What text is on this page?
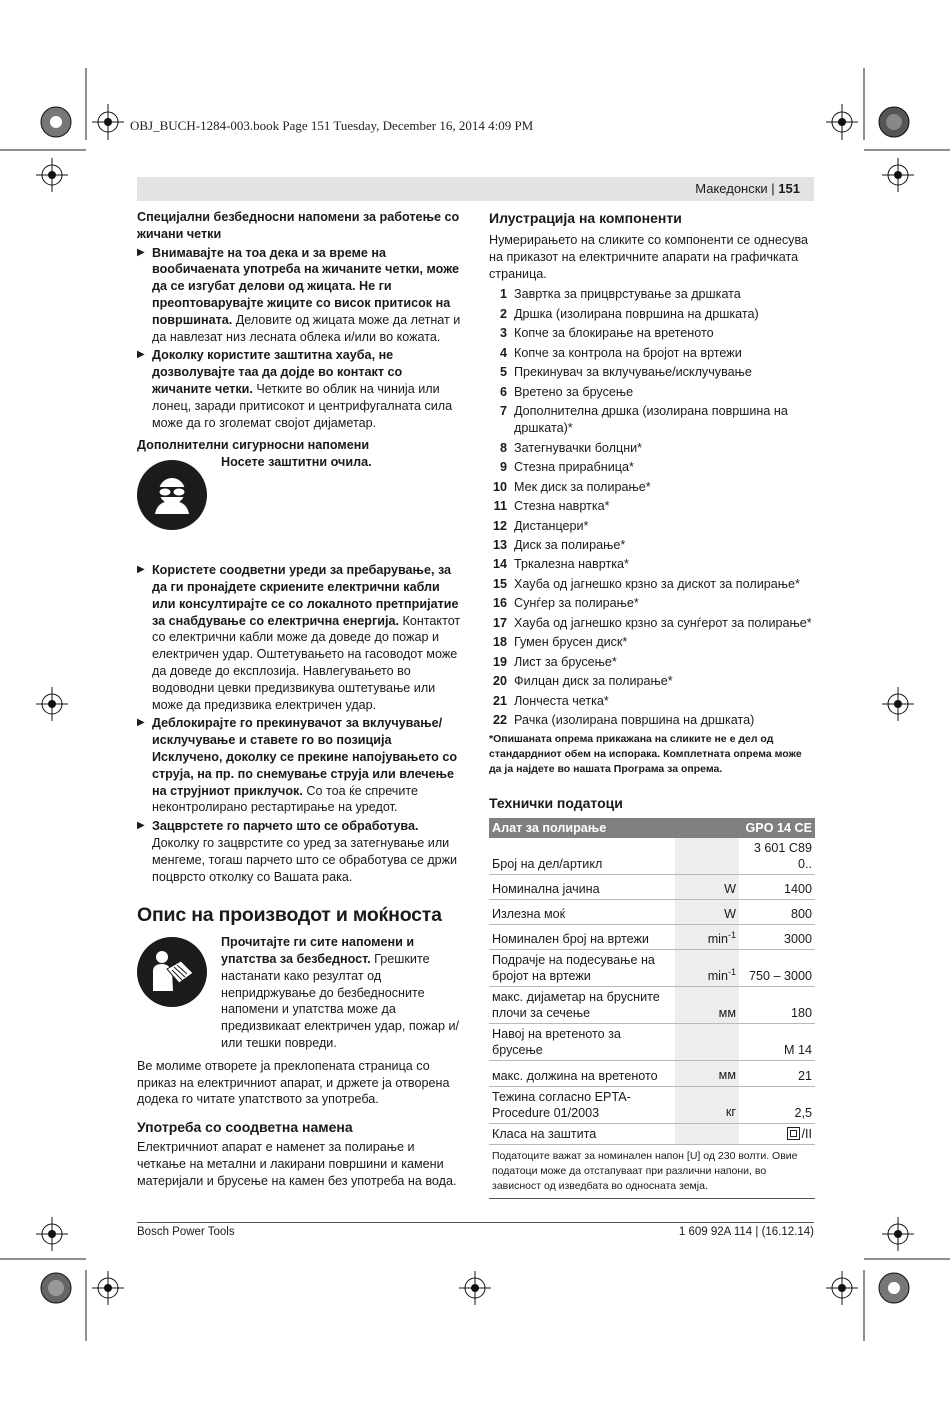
OBJ_BUCH-1284-003.book Page 151 Tuesday, December 16, 2014 4:09 PM
Македонски | 151

Специјални безбедносни напомени за работење со жичани четки

▶ Внимавајте на тоа дека и за време на вообичаената употреба на жичаните четки, може да се изгубат делови од жицата. Не ги преоптоварувајте жиците со висок притисок на површината. Деловите од жицата може да летнат и да навлезат низ лесната облека и/или во кожата.
▶ Доколку користите заштитна хауба, не дозволувајте таа да дојде во контакт со жичаните четки. Четките во облик на чинија или лонец, заради притисокот и центрифугалната сила може да го зголемат својот дијаметар.

Дополнителни сигурносни напомени

Носете заштитни очила.
▶ Користете соодветни уреди за пребарување, за да ги пронајдете скриените електрични кабли или консултирајте се со локалното претпријатие за снабдување со електрична енергија. Контактот со електрични кабли може да доведе до пожар и електричен удар. Оштетувањето на гасоводот може да доведе до експлозија. Навлегувањето во водоводни цевки предизвикува оштетување или може да предизвика електричен удар.
▶ Деблокирајте го прекинувачот за вклучување/исклучување и ставете го во позиција Исклучено, доколку се прекине напојувањето со струја, на пр. по снемување струја или влечење на струјниот приклучок. Со тоа ќе спречите неконтролирано рестартирање на уредот.
▶ Зацврстете го парчето што се обработува. Доколку го зацврстите со уред за затегнување или менгеме, тогаш парчето што се обработува се држи поцврсто отколку со Вашата рака.

Опис на производот и моќноста

Прочитајте ги сите напомени и упатства за безбедност. Грешките настанати како резултат од непридржување до безбедносните напомени и упатства може да предизвикаат електричен удар, пожар и/или тешки повреди.

Ве молиме отворете ја преклопената страница со приказ на електричниот апарат, и држете ја отворена додека го читате упатството за употреба.

Употреба со соодветна намена

Електричниот апарат е наменет за полирање и четкање на метални и лакирани површини и камени материјали и брусење на камен без употреба на вода.

Илустрација на компоненти

Нумерирањето на сликите со компоненти се однесува на приказот на електричните апарати на графичката страница.

1 Завртка за прицврстување за дршката
2 Дршка (изолирана површина на дршката)
3 Копче за блокирање на вретеното
4 Копче за контрола на бројот на вртежи
5 Прекинувач за вклучување/исклучување
6 Вретено за брусење
7 Дополнителна дршка (изолирана површина на дршката)*
8 Затегнувачки болцни*
9 Стезна прирабница*
10 Мек диск за полирање*
11 Стезна навртка*
12 Дистанцери*
13 Диск за полирање*
14 Тркалезна навртка*
15 Хауба од јагнешко крзно за дискот за полирање*
16 Сунѓер за полирање*
17 Хауба од јагнешко крзно за сунѓерот за полирање*
18 Гумен брусен диск*
19 Лист за брусење*
20 Филцан диск за полирање*
21 Лончеста четка*
22 Рачка (изолирана површина на дршката)
*Опишаната опрема прикажана на сликите не е дел од стандардниот обем на испорака. Комплетната опрема може да ја најдете во нашата Програма за опрема.

Технички податоци

Алат за полирање		GPO 14 CE
Број на дел/артикл		3 601 C89 0..
Номинална јачина	W	1400
Излезна моќ	W	800
Номинален број на вртежи	$\min^{-1}$	3000
Подрачје на подесување на бројот на вртежи	$\min^{-1}$	750 – 3000
макс. дијаметар на брусните плочи за сечење	мм	180
Навој на вретеното за брусење		M 14
макс. должина на вретеното	мм	21
Тежина согласно EPTA-Procedure 01/2003	кг	2,5
Класа на заштита		/II
Податоците важат за номинален напон [U] од 230 волти. Овие податоци може да отстапуваат при различни напони, во зависност од изведбата во односната земја.
Bosch Power Tools	1 609 92A 114 | (16.12.14)
